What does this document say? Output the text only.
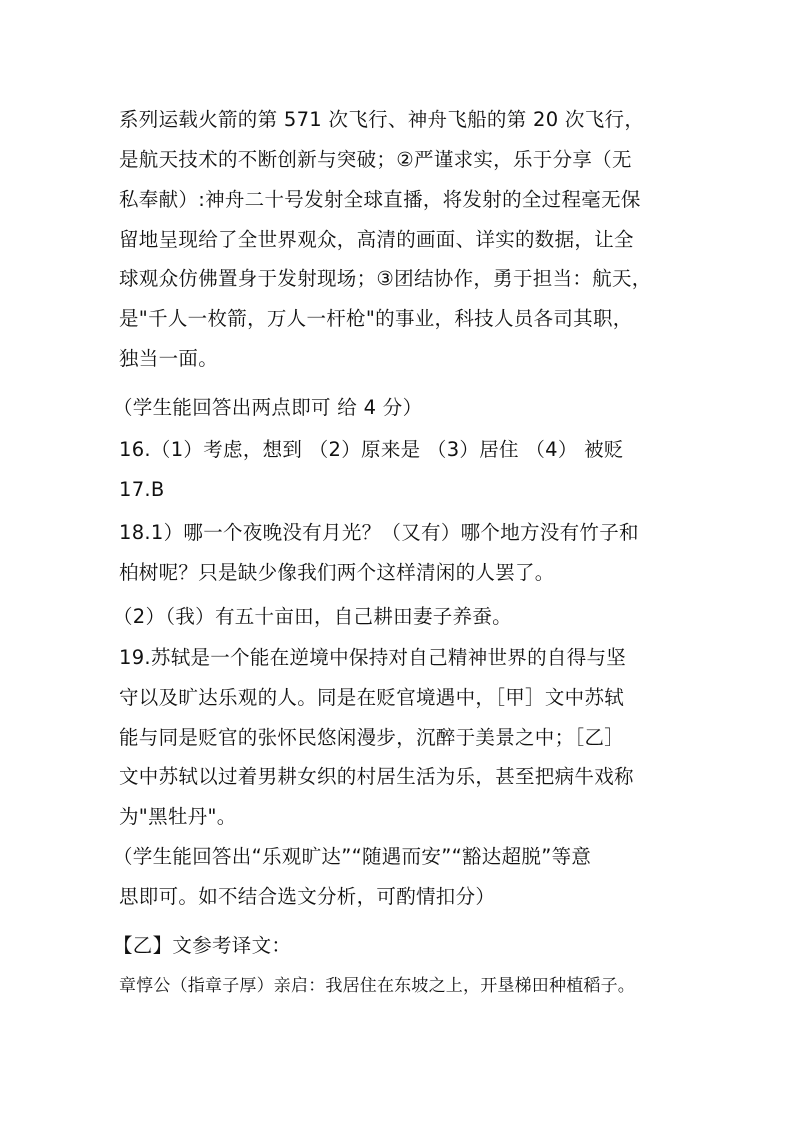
系列运载火箭的第 571 次飞行、神舟飞船的第 20 次飞行，
是航天技术的不断创新与突破；②严谨求实，乐于分享（无
私奉献）:神舟二十号发射全球直播，将发射的全过程毫无保
留地呈现给了全世界观众，高清的画面、详实的数据，让全
球观众仿佛置身于发射现场；③团结协作，勇于担当：航天，
是"千人一枚箭，万人一杆枪"的事业，科技人员各司其职，
独当一面。
（学生能回答出两点即可 给 4 分）
16.（1）考虑，想到 （2）原来是 （3）居住 （4） 被贬
17.B
18.1）哪一个夜晚没有月光？（又有）哪个地方没有竹子和
柏树呢？只是缺少像我们两个这样清闲的人罢了。
（2）（我）有五十亩田，自己耕田妻子养蚕。
19.苏轼是一个能在逆境中保持对自己精神世界的自得与坚
守以及旷达乐观的人。同是在贬官境遇中，［甲］文中苏轼
能与同是贬官的张怀民悠闲漫步，沉醉于美景之中；［乙］
文中苏轼以过着男耕女织的村居生活为乐，甚至把病牛戏称
为"黑牡丹"。
（学生能回答出“乐观旷达”“随遇而安”“豁达超脱”等意
思即可。如不结合选文分析，可酌情扣分）
【乙】文参考译文：
章惇公（指章子厚）亲启：我居住在东坡之上，开垦梯田种植稻子。
